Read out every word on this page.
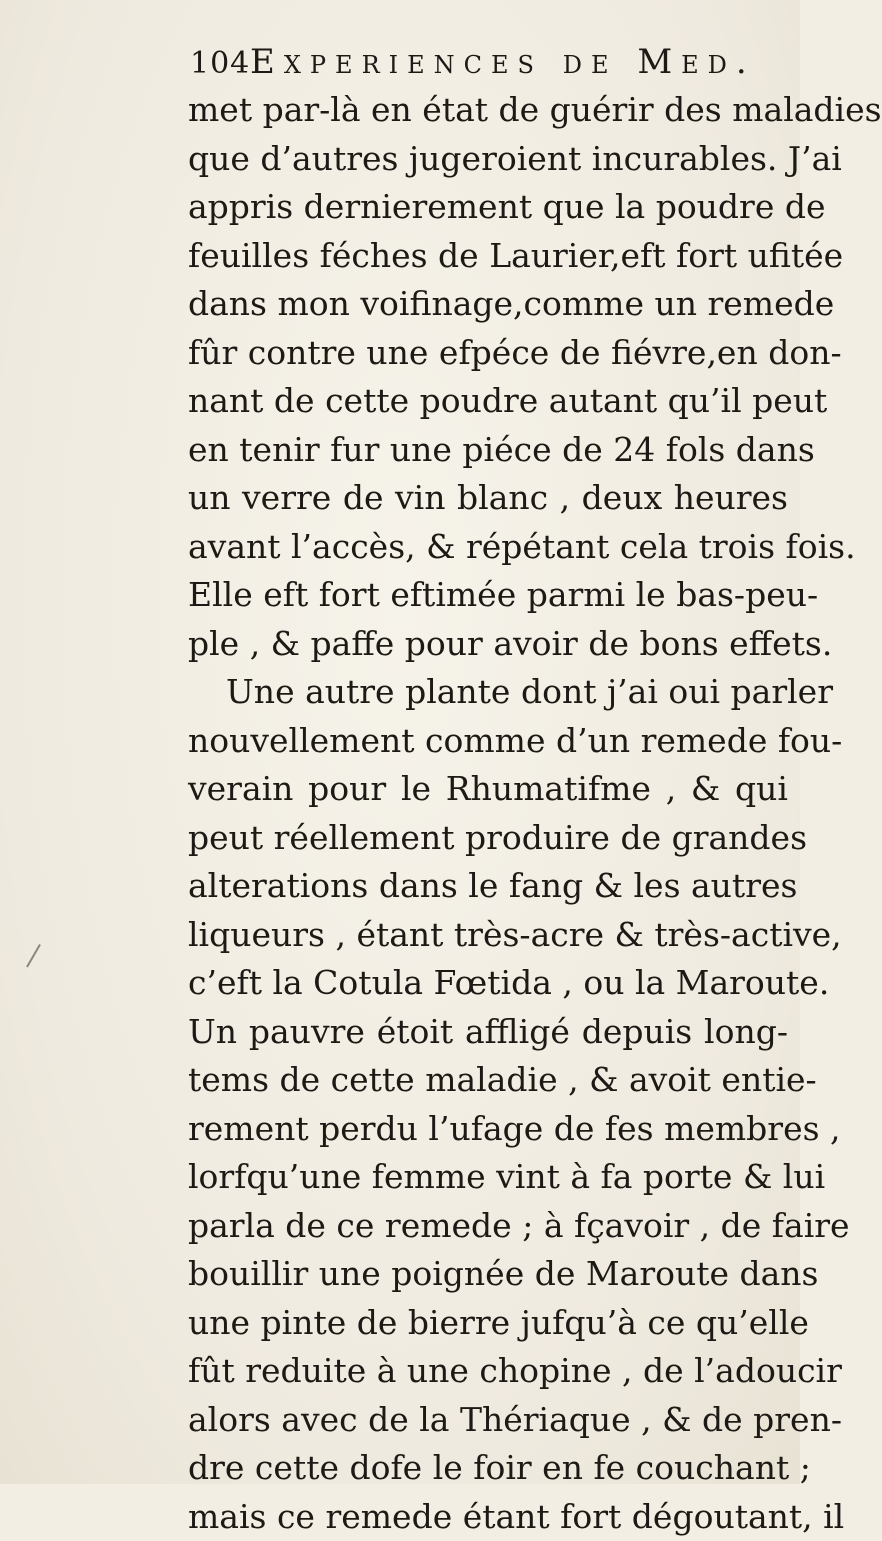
104 Experiences de Med.
met par-là en état de guérir des maladies
que d’autres jugeroient incurables. J’ai
appris dernierement que la poudre de
feuilles féches de Laurier,eft fort ufitée
dans mon voifinage,comme un remede
fûr contre une efpéce de fiévre,en don-
nant de cette poudre autant qu’il peut
en tenir fur une piéce de 24 fols dans
un verre de vin blanc , deux heures
avant l’accès, & répétant cela trois fois.
Elle eft fort eftimée parmi le bas-peu-
ple , & paffe pour avoir de bons effets.
Une autre plante dont j’ai oui parler
nouvellement comme d’un remede fou-
verain pour le Rhumatifme , & qui
peut réellement produire de grandes
alterations dans le fang & les autres
liqueurs , étant très-acre & très-active,
c’eft la Cotula Fœtida , ou la Maroute.
Un pauvre étoit affligé depuis long-
tems de cette maladie , & avoit entie-
rement perdu l’ufage de fes membres ,
lorfqu’une femme vint à fa porte & lui
parla de ce remede ; à fçavoir , de faire
bouillir une poignée de Maroute dans
une pinte de bierre jufqu’à ce qu’elle
fût reduite à une chopine , de l’adoucir
alors avec de la Thériaque , & de pren-
dre cette dofe le foir en fe couchant ;
mais ce remede étant fort dégoutant, il
